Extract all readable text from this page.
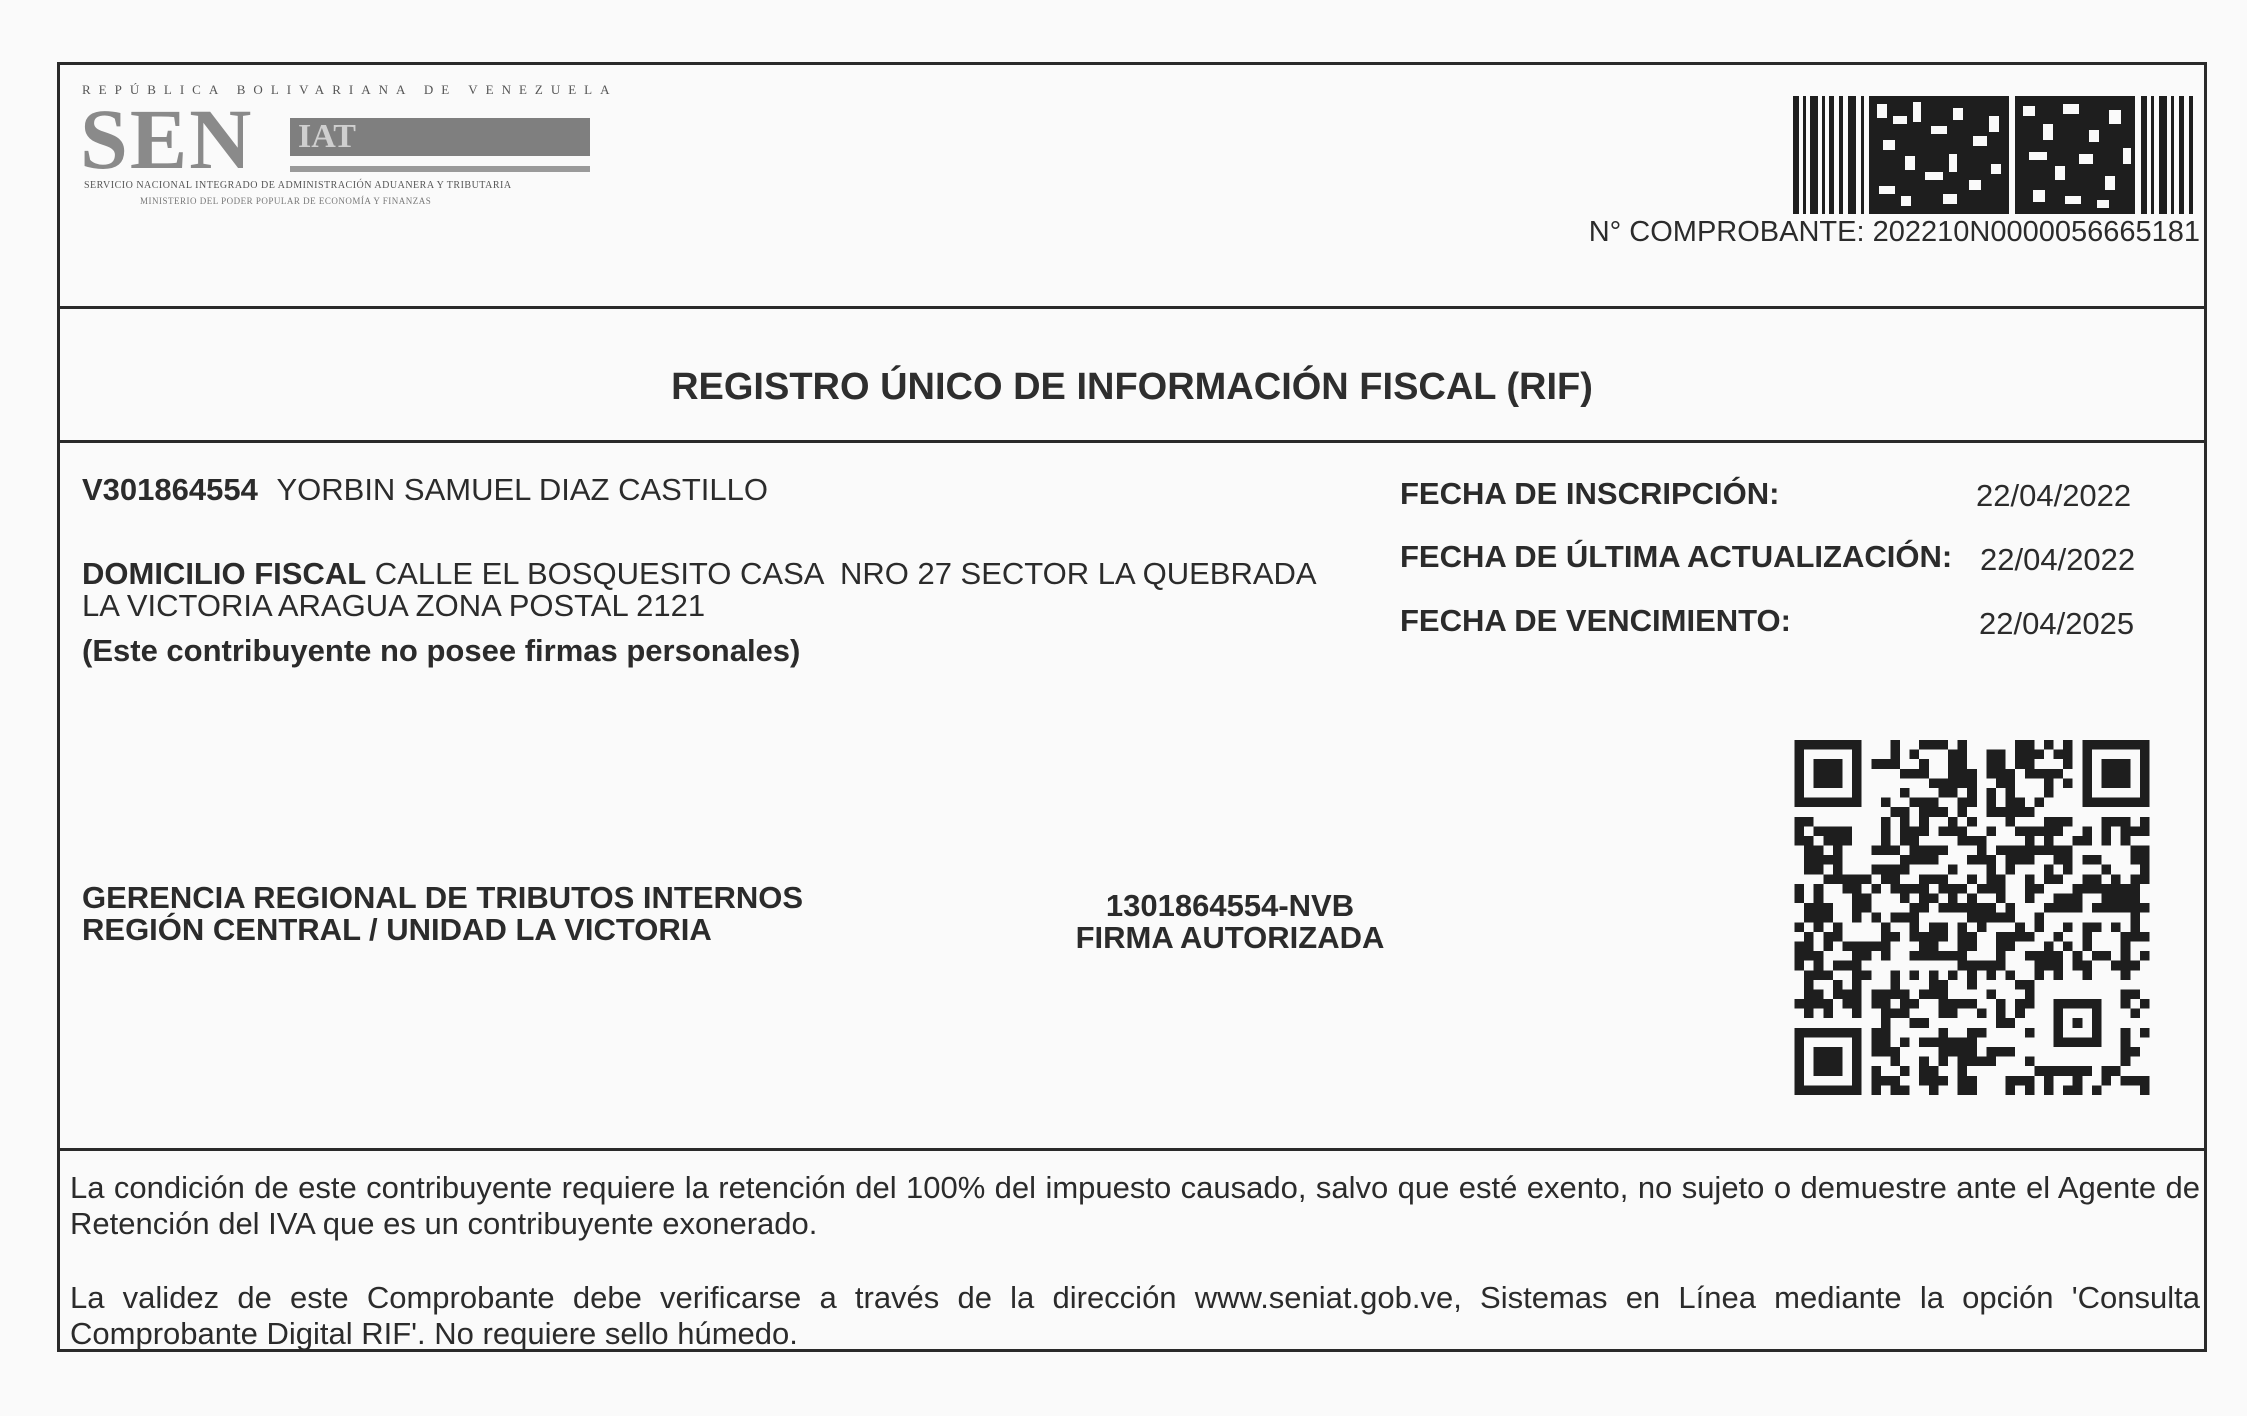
REPÚBLICA BOLIVARIANA DE VENEZUELA
SEN IAT
SERVICIO NACIONAL INTEGRADO DE ADMINISTRACIÓN ADUANERA Y TRIBUTARIA
MINISTERIO DEL PODER POPULAR DE ECONOMÍA Y FINANZAS
N° COMPROBANTE: 202210N0000056665181
REGISTRO ÚNICO DE INFORMACIÓN FISCAL (RIF)
V301864554 YORBIN SAMUEL DIAZ CASTILLO
DOMICILIO FISCAL CALLE EL BOSQUESITO CASA  NRO 27 SECTOR LA QUEBRADA
LA VICTORIA ARAGUA ZONA POSTAL 2121
(Este contribuyente no posee firmas personales)
FECHA DE INSCRIPCIÓN:	22/04/2022
FECHA DE ÚLTIMA ACTUALIZACIÓN: 22/04/2022
FECHA DE VENCIMIENTO:	22/04/2025
GERENCIA REGIONAL DE TRIBUTOS INTERNOS
REGIÓN CENTRAL / UNIDAD LA VICTORIA
1301864554-NVB
FIRMA AUTORIZADA
La condición de este contribuyente requiere la retención del 100% del impuesto causado, salvo que esté exento, no sujeto o demuestre ante el Agente de Retención del IVA que es un contribuyente exonerado.
La validez de este Comprobante debe verificarse a través de la dirección www.seniat.gob.ve, Sistemas en Línea mediante la opción 'Consulta Comprobante Digital RIF'. No requiere sello húmedo.
